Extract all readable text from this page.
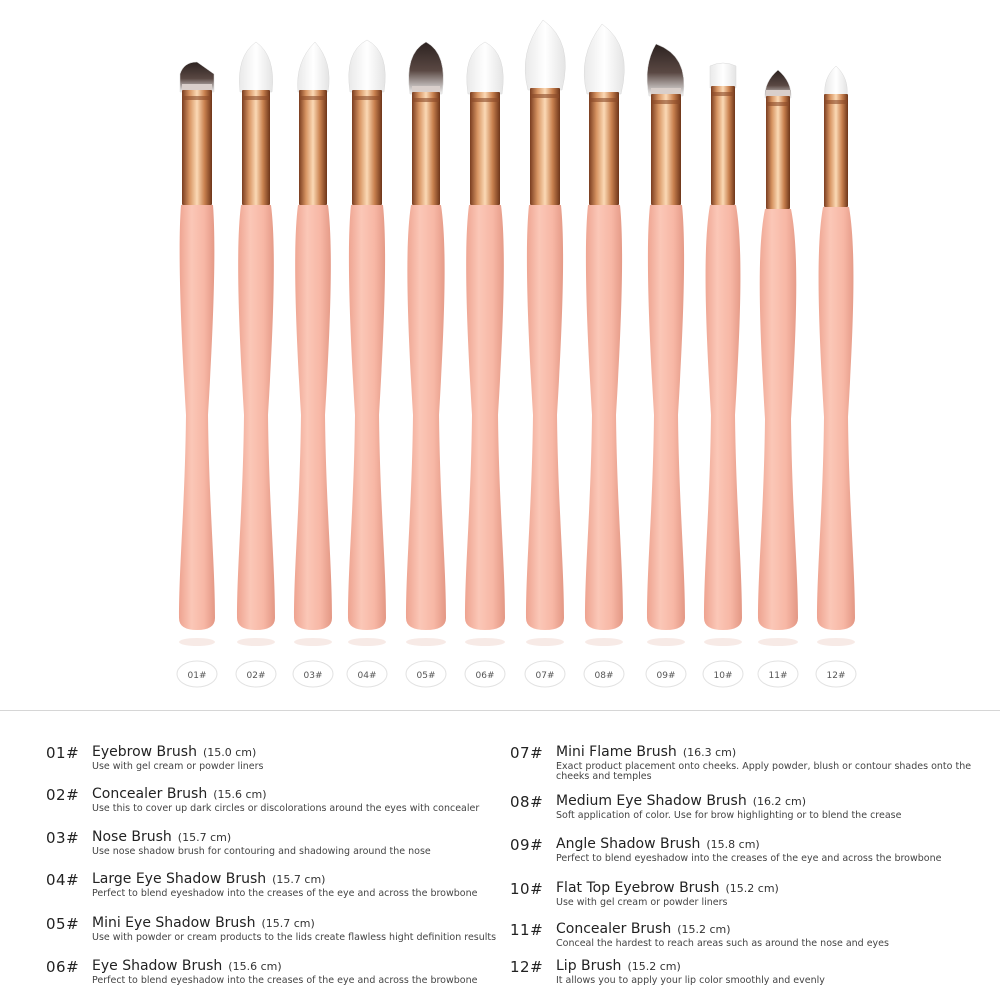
01#	02#	03#	04#	05#	06#	07#	08#	09#	10#	11#	12#
01# Eyebrow Brush (15.0 cm)
Use with gel cream or powder liners
02# Concealer Brush (15.6 cm)
Use this to cover up dark circles or discolorations around the eyes with concealer
03# Nose Brush (15.7 cm)
Use nose shadow brush for contouring and shadowing around the nose
04# Large Eye Shadow Brush (15.7 cm)
Perfect to blend eyeshadow into the creases of the eye and across the browbone
05# Mini Eye Shadow Brush (15.7 cm)
Use with powder or cream products to the lids create flawless hight definition results
06# Eye Shadow Brush (15.6 cm)
Perfect to blend eyeshadow into the creases of the eye and across the browbone
07# Mini Flame Brush (16.3 cm)
Exact product placement onto cheeks. Apply powder, blush or contour shades onto the cheeks and temples
08# Medium Eye Shadow Brush (16.2 cm)
Soft application of color. Use for brow highlighting or to blend the crease
09# Angle Shadow Brush (15.8 cm)
Perfect to blend eyeshadow into the creases of the eye and across the browbone
10# Flat Top Eyebrow Brush (15.2 cm)
Use with gel cream or powder liners
11# Concealer Brush (15.2 cm)
Conceal the hardest to reach areas such as around the nose and eyes
12# Lip Brush (15.2 cm)
It allows you to apply your lip color smoothly and evenly
